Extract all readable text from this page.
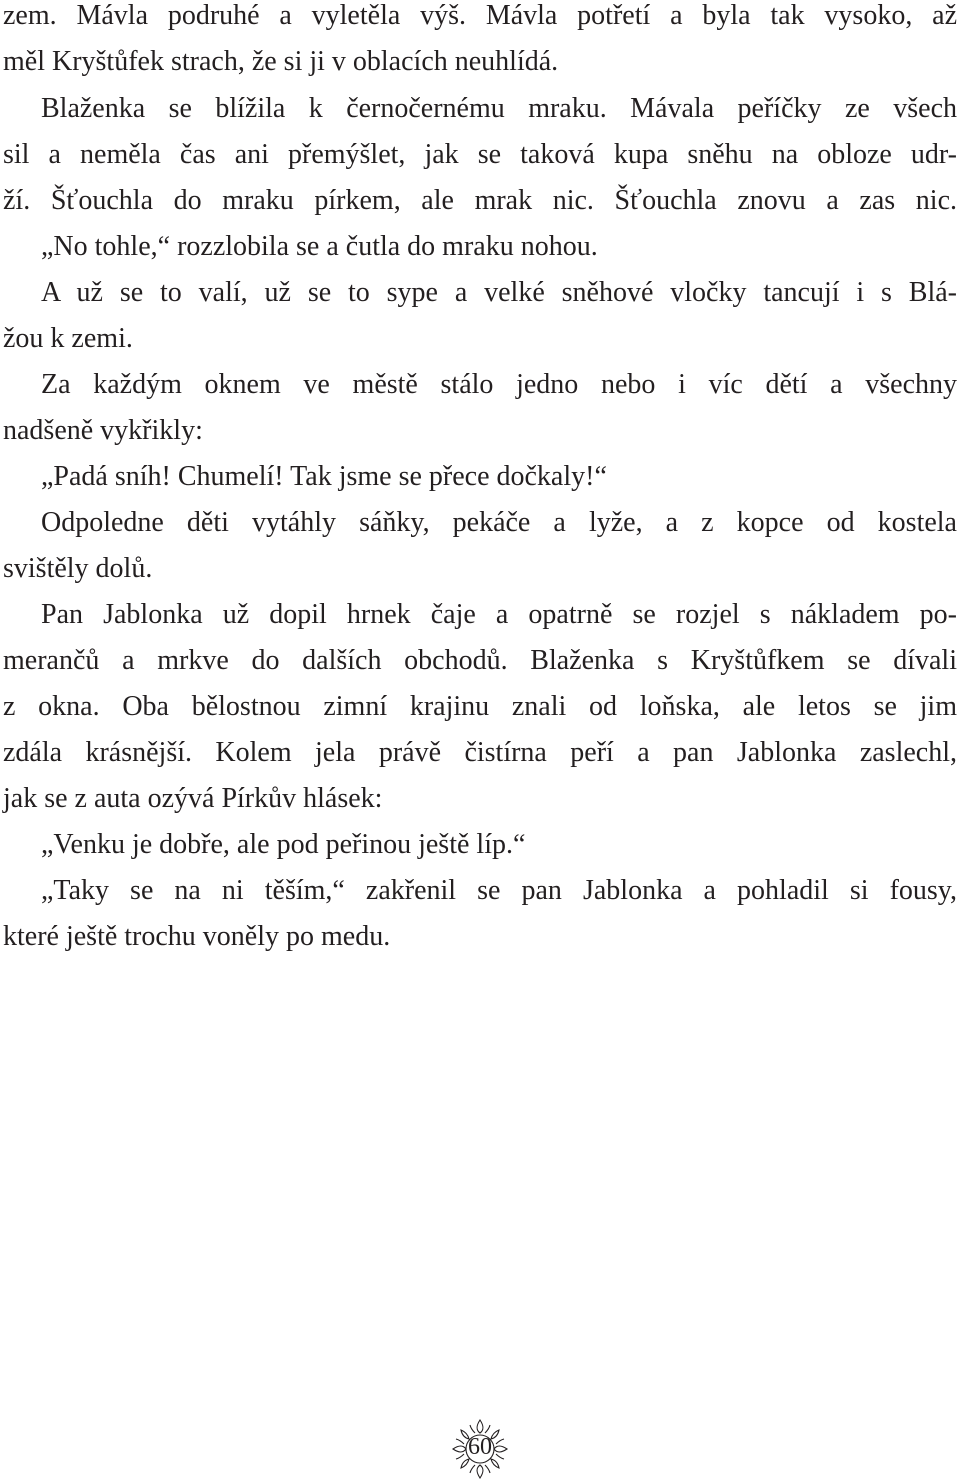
zem. Mávla podruhé a vyletěla výš. Mávla potřetí a byla tak vysoko, až
měl Kryštůfek strach, že si ji v oblacích neuhlídá.
Blaženka se blížila k černočernému mraku. Mávala peříčky ze všech
sil a neměla čas ani přemýšlet, jak se taková kupa sněhu na obloze udr-
ží. Šťouchla do mraku pírkem, ale mrak nic. Šťouchla znovu a zas nic.
„No tohle,“ rozzlobila se a čutla do mraku nohou.
A už se to valí, už se to sype a velké sněhové vločky tancují i s Blá-
žou k zemi.
Za každým oknem ve městě stálo jedno nebo i víc dětí a všechny
nadšeně vykřikly:
„Padá sníh! Chumelí! Tak jsme se přece dočkaly!“
Odpoledne děti vytáhly sáňky, pekáče a lyže, a z kopce od kostela
svištěly dolů.
Pan Jablonka už dopil hrnek čaje a opatrně se rozjel s nákladem po-
merančů a mrkve do dalších obchodů. Blaženka s Kryštůfkem se dívali
z okna. Oba bělostnou zimní krajinu znali od loňska, ale letos se jim
zdála krásnější. Kolem jela právě čistírna peří a pan Jablonka zaslechl,
jak se z auta ozývá Pírkův hlásek:
„Venku je dobře, ale pod peřinou ještě líp.“
„Taky se na ni těším,“ zakřenil se pan Jablonka a pohladil si fousy,
které ještě trochu voněly po medu.
60
